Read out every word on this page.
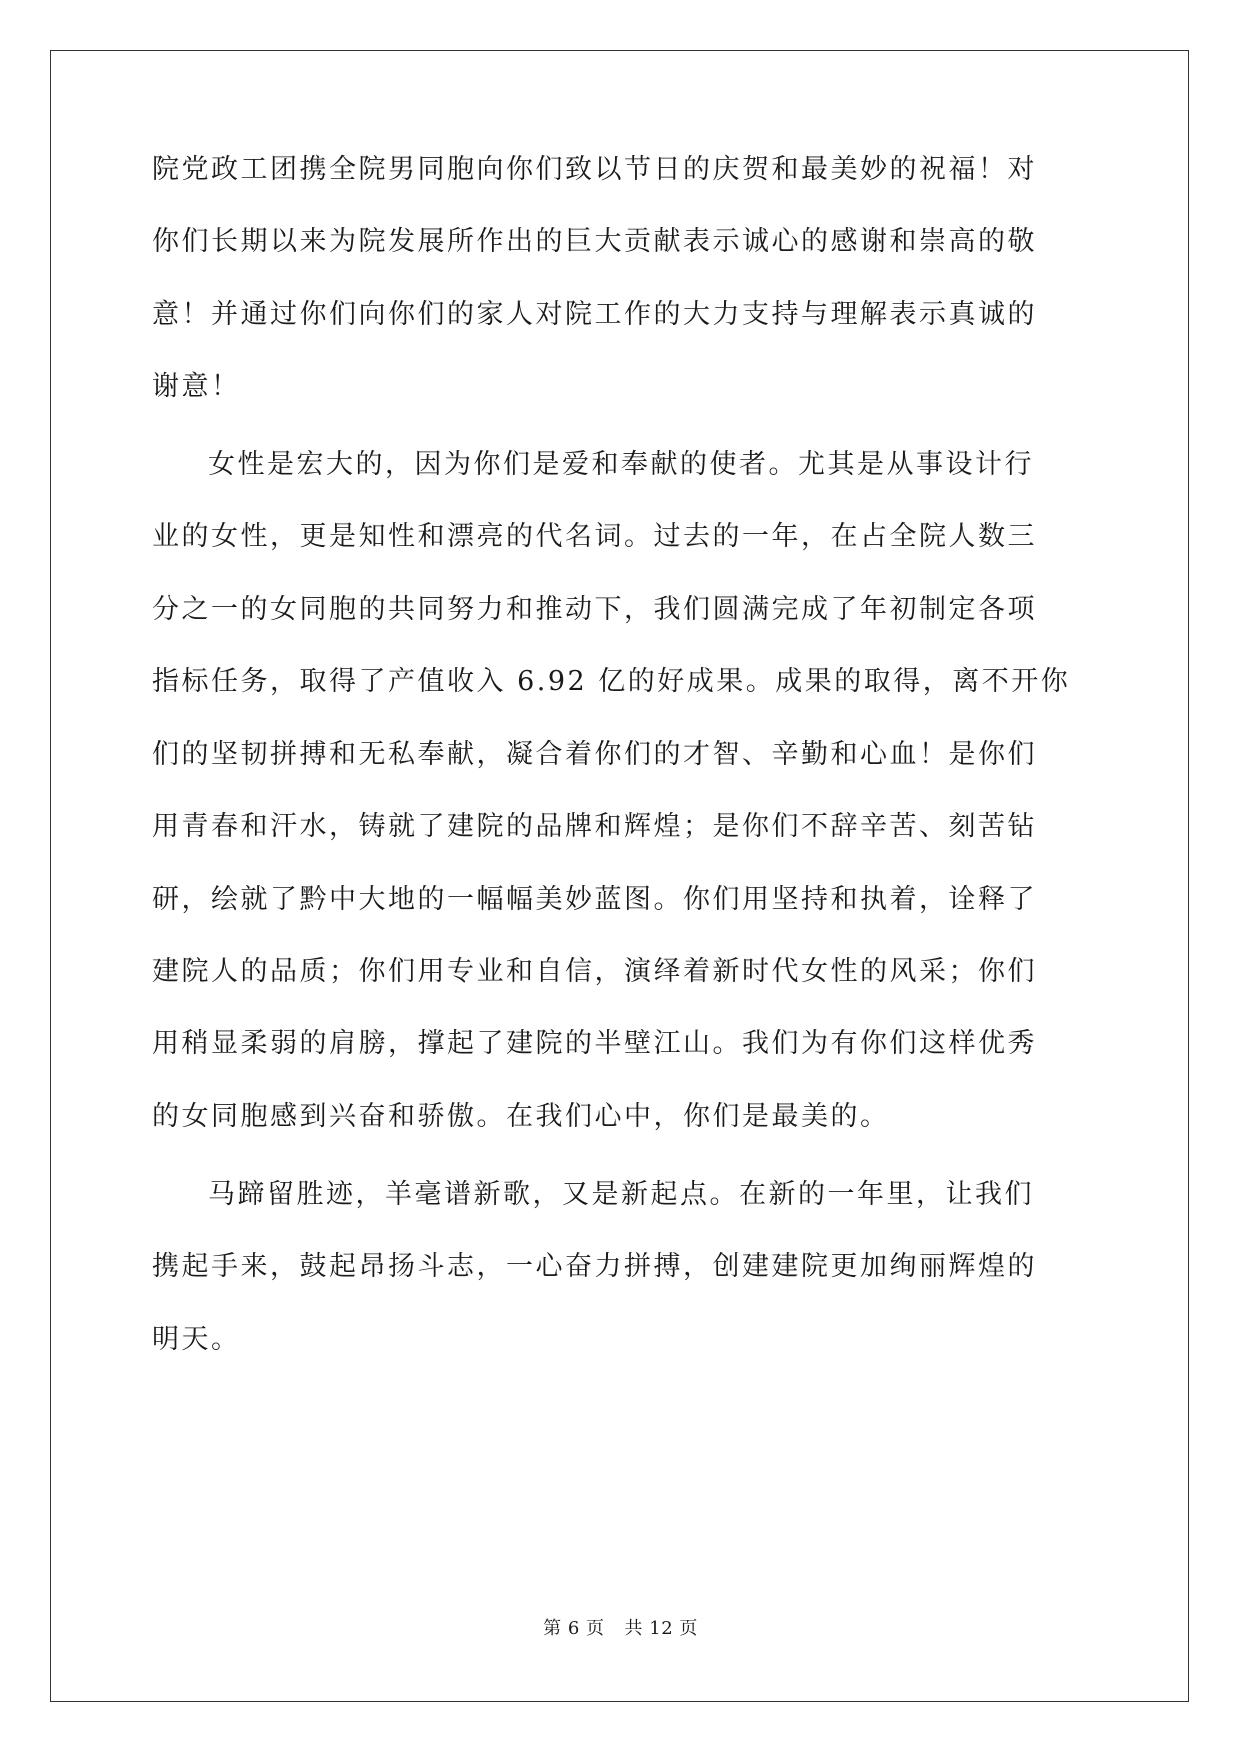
院党政工团携全院男同胞向你们致以节日的庆贺和最美妙的祝福！对
你们长期以来为院发展所作出的巨大贡献表示诚心的感谢和崇高的敬
意！并通过你们向你们的家人对院工作的大力支持与理解表示真诚的
谢意！
女性是宏大的，因为你们是爱和奉献的使者。尤其是从事设计行
业的女性，更是知性和漂亮的代名词。过去的一年，在占全院人数三
分之一的女同胞的共同努力和推动下，我们圆满完成了年初制定各项
指标任务，取得了产值收入 6.92 亿的好成果。成果的取得，离不开你
们的坚韧拼搏和无私奉献，凝合着你们的才智、辛勤和心血！是你们
用青春和汗水，铸就了建院的品牌和辉煌；是你们不辞辛苦、刻苦钻
研，绘就了黔中大地的一幅幅美妙蓝图。你们用坚持和执着，诠释了
建院人的品质；你们用专业和自信，演绎着新时代女性的风采；你们
用稍显柔弱的肩膀，撑起了建院的半壁江山。我们为有你们这样优秀
的女同胞感到兴奋和骄傲。在我们心中，你们是最美的。
马蹄留胜迹，羊毫谱新歌，又是新起点。在新的一年里，让我们
携起手来，鼓起昂扬斗志，一心奋力拼搏，创建建院更加绚丽辉煌的
明天。
第 6 页 共 12 页
